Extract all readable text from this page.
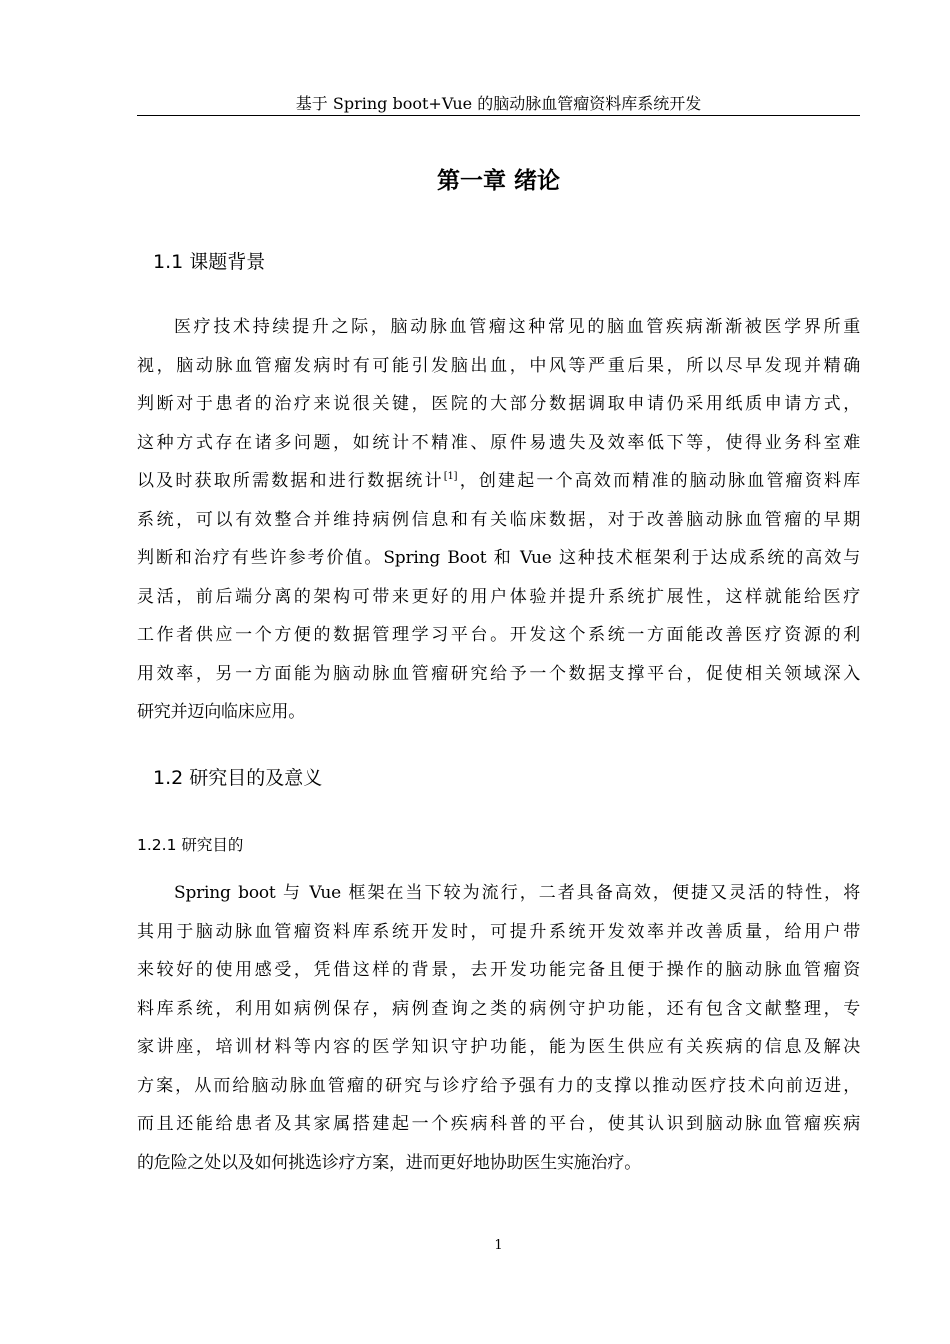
基于 Spring boot+Vue 的脑动脉血管瘤资料库系统开发
第一章 绪论
1.1 课题背景
医疗技术持续提升之际，脑动脉血管瘤这种常见的脑血管疾病渐渐被医学界所重
视，脑动脉血管瘤发病时有可能引发脑出血，中风等严重后果，所以尽早发现并精确
判断对于患者的治疗来说很关键，医院的大部分数据调取申请仍采用纸质申请方式，
这种方式存在诸多问题，如统计不精准、原件易遗失及效率低下等，使得业务科室难
以及时获取所需数据和进行数据统计[1]，创建起一个高效而精准的脑动脉血管瘤资料库
系统，可以有效整合并维持病例信息和有关临床数据，对于改善脑动脉血管瘤的早期
判断和治疗有些许参考价值。Spring Boot 和 Vue 这种技术框架利于达成系统的高效与
灵活，前后端分离的架构可带来更好的用户体验并提升系统扩展性，这样就能给医疗
工作者供应一个方便的数据管理学习平台。开发这个系统一方面能改善医疗资源的利
用效率，另一方面能为脑动脉血管瘤研究给予一个数据支撑平台，促使相关领域深入
研究并迈向临床应用。
1.2 研究目的及意义
1.2.1 研究目的
Spring boot 与 Vue 框架在当下较为流行，二者具备高效，便捷又灵活的特性，将
其用于脑动脉血管瘤资料库系统开发时，可提升系统开发效率并改善质量，给用户带
来较好的使用感受，凭借这样的背景，去开发功能完备且便于操作的脑动脉血管瘤资
料库系统，利用如病例保存，病例查询之类的病例守护功能，还有包含文献整理，专
家讲座，培训材料等内容的医学知识守护功能，能为医生供应有关疾病的信息及解决
方案，从而给脑动脉血管瘤的研究与诊疗给予强有力的支撑以推动医疗技术向前迈进，
而且还能给患者及其家属搭建起一个疾病科普的平台，使其认识到脑动脉血管瘤疾病
的危险之处以及如何挑选诊疗方案，进而更好地协助医生实施治疗。
1
